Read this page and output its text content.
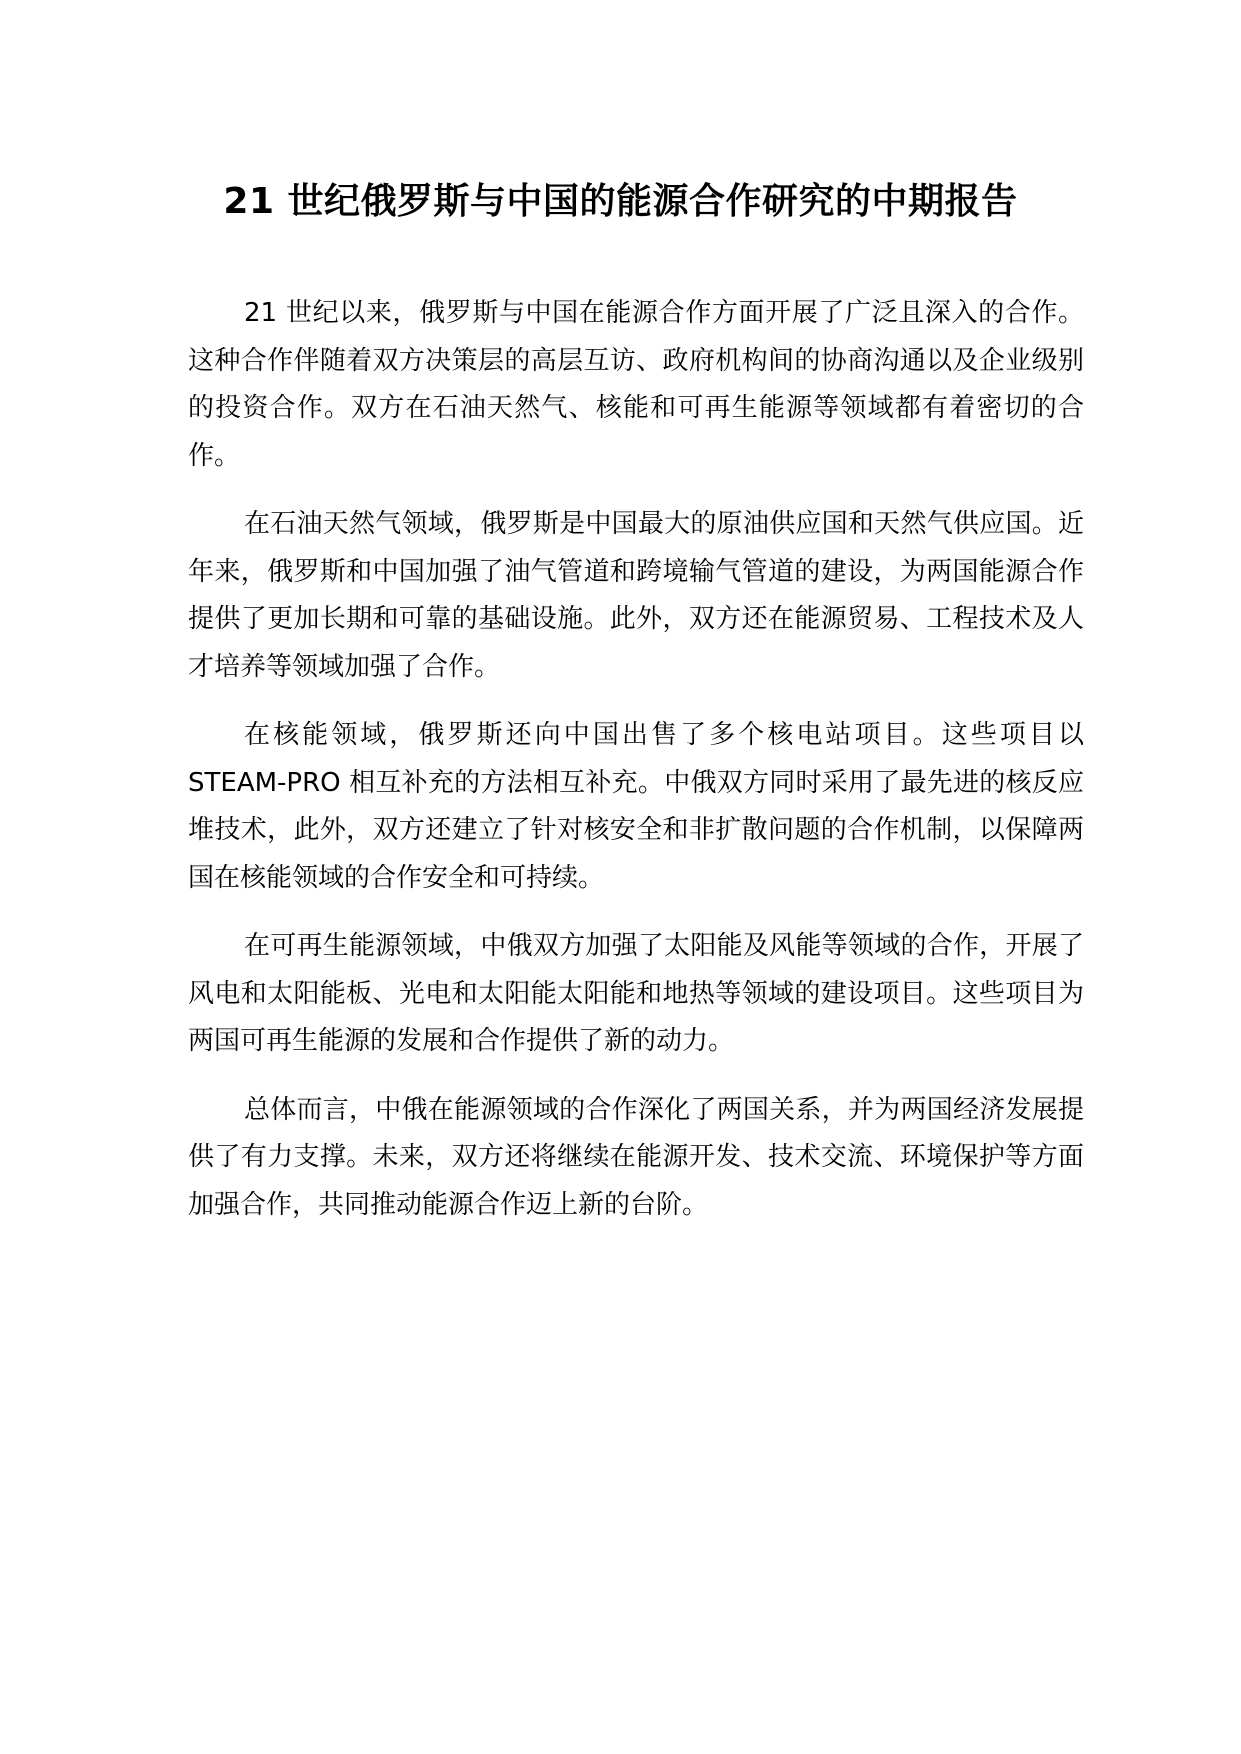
21 世纪俄罗斯与中国的能源合作研究的中期报告

21 世纪以来，俄罗斯与中国在能源合作方面开展了广泛且深入的合作。这种合作伴随着双方决策层的高层互访、政府机构间的协商沟通以及企业级别的投资合作。双方在石油天然气、核能和可再生能源等领域都有着密切的合作。

在石油天然气领域，俄罗斯是中国最大的原油供应国和天然气供应国。近年来，俄罗斯和中国加强了油气管道和跨境输气管道的建设，为两国能源合作提供了更加长期和可靠的基础设施。此外，双方还在能源贸易、工程技术及人才培养等领域加强了合作。

在核能领域，俄罗斯还向中国出售了多个核电站项目。这些项目以 STEAM-PRO 相互补充的方法相互补充。中俄双方同时采用了最先进的核反应堆技术，此外，双方还建立了针对核安全和非扩散问题的合作机制，以保障两国在核能领域的合作安全和可持续。

在可再生能源领域，中俄双方加强了太阳能及风能等领域的合作，开展了风电和太阳能板、光电和太阳能太阳能和地热等领域的建设项目。这些项目为两国可再生能源的发展和合作提供了新的动力。

总体而言，中俄在能源领域的合作深化了两国关系，并为两国经济发展提供了有力支撑。未来，双方还将继续在能源开发、技术交流、环境保护等方面加强合作，共同推动能源合作迈上新的台阶。
